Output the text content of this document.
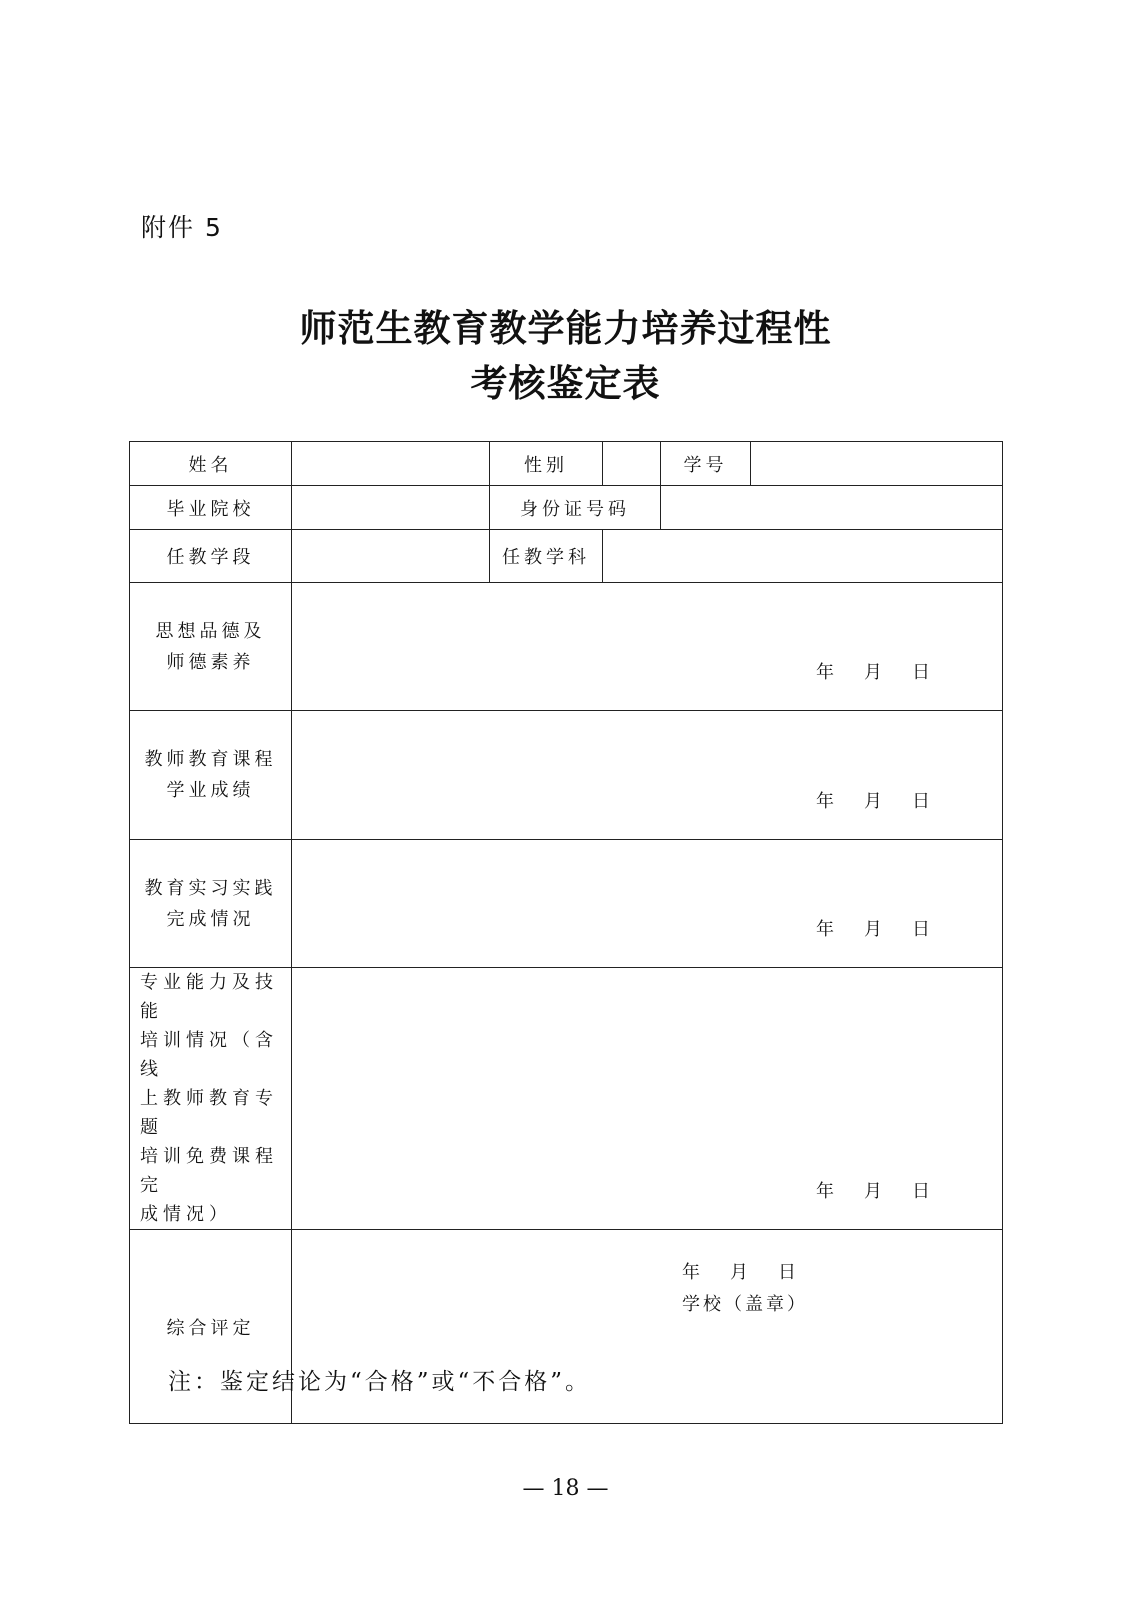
附件 5
师范生教育教学能力培养过程性
考核鉴定表
姓名		性别		学号	
毕业院校		身份证号码			
任教学段		任教学科			

思想品德及
师德素养	年 月 日				

教师教育课程
学业成绩	年 月 日				

教育实习实践
完成情况	年 月 日				

专业能力及技能
培训情况（含线
上教师教育专题
培训免费课程完
成情况）	年 月 日				

综合评定					
年 月 日
学校（盖章）
注：鉴定结论为“合格”或“不合格”。
— 18 —
